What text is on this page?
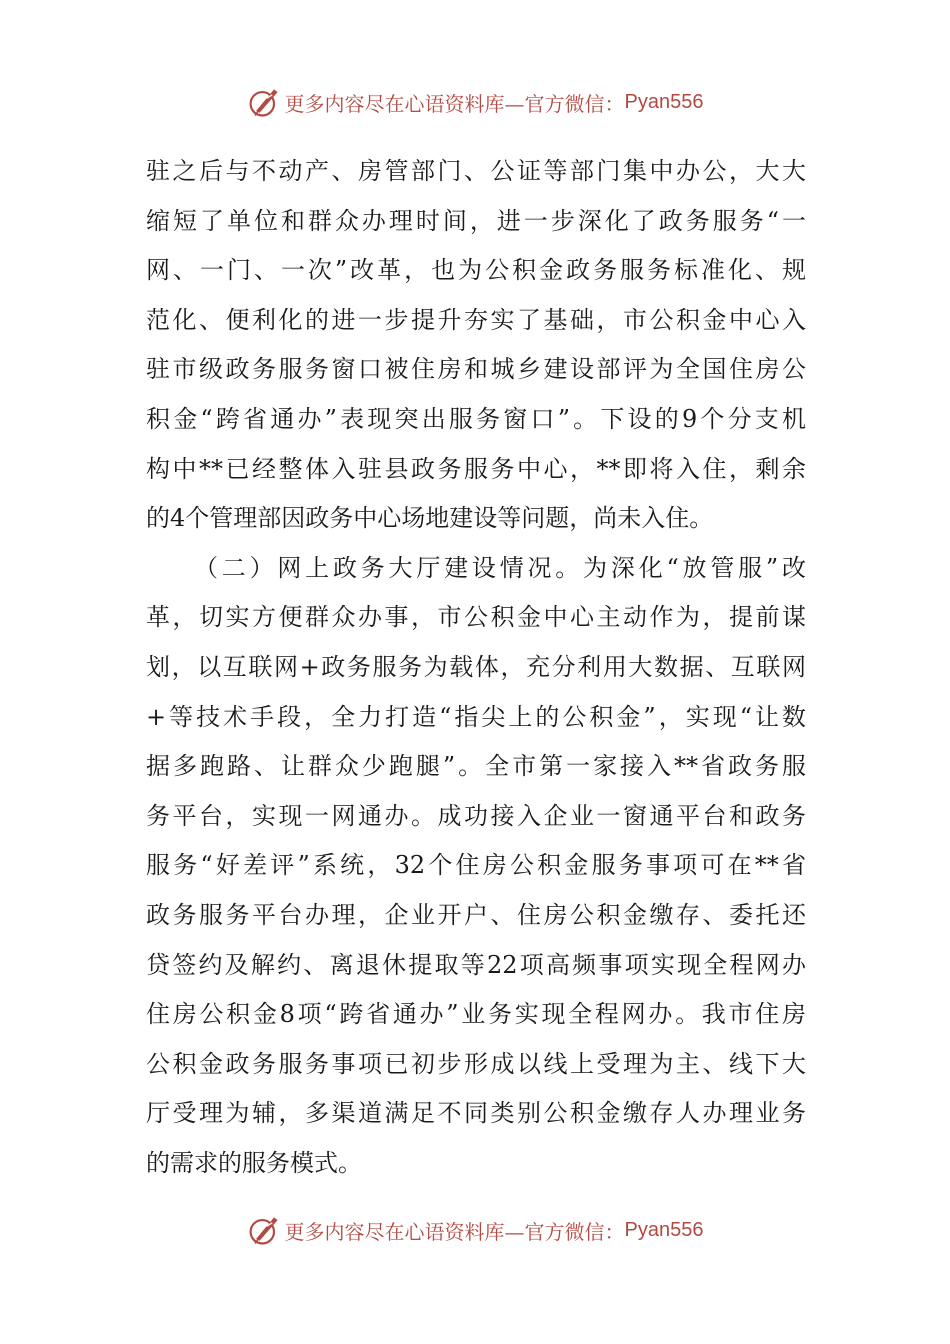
更多内容尽在心语资料库—官方微信： Pyan556
驻之后与不动产、房管部门、公证等部门集中办公，大大
缩短了单位和群众办理时间，进一步深化了政务服务“一
网、一门、一次”改革，也为公积金政务服务标准化、规
范化、便利化的进一步提升夯实了基础，市公积金中心入
驻市级政务服务窗口被住房和城乡建设部评为全国住房公
积金“跨省通办”表现突出服务窗口”。下设的9个分支机
构中**已经整体入驻县政务服务中心，**即将入住，剩余
的4个管理部因政务中心场地建设等问题，尚未入住。
（二）网上政务大厅建设情况。为深化“放管服”改
革，切实方便群众办事，市公积金中心主动作为，提前谋
划，以互联网+政务服务为载体，充分利用大数据、互联网
+等技术手段，全力打造“指尖上的公积金”，实现“让数
据多跑路、让群众少跑腿”。全市第一家接入**省政务服
务平台，实现一网通办。成功接入企业一窗通平台和政务
服务“好差评”系统，32个住房公积金服务事项可在**省
政务服务平台办理，企业开户、住房公积金缴存、委托还
贷签约及解约、离退休提取等22项高频事项实现全程网办
住房公积金8项“跨省通办”业务实现全程网办。我市住房
公积金政务服务事项已初步形成以线上受理为主、线下大
厅受理为辅，多渠道满足不同类别公积金缴存人办理业务
的需求的服务模式。
更多内容尽在心语资料库—官方微信： Pyan556
